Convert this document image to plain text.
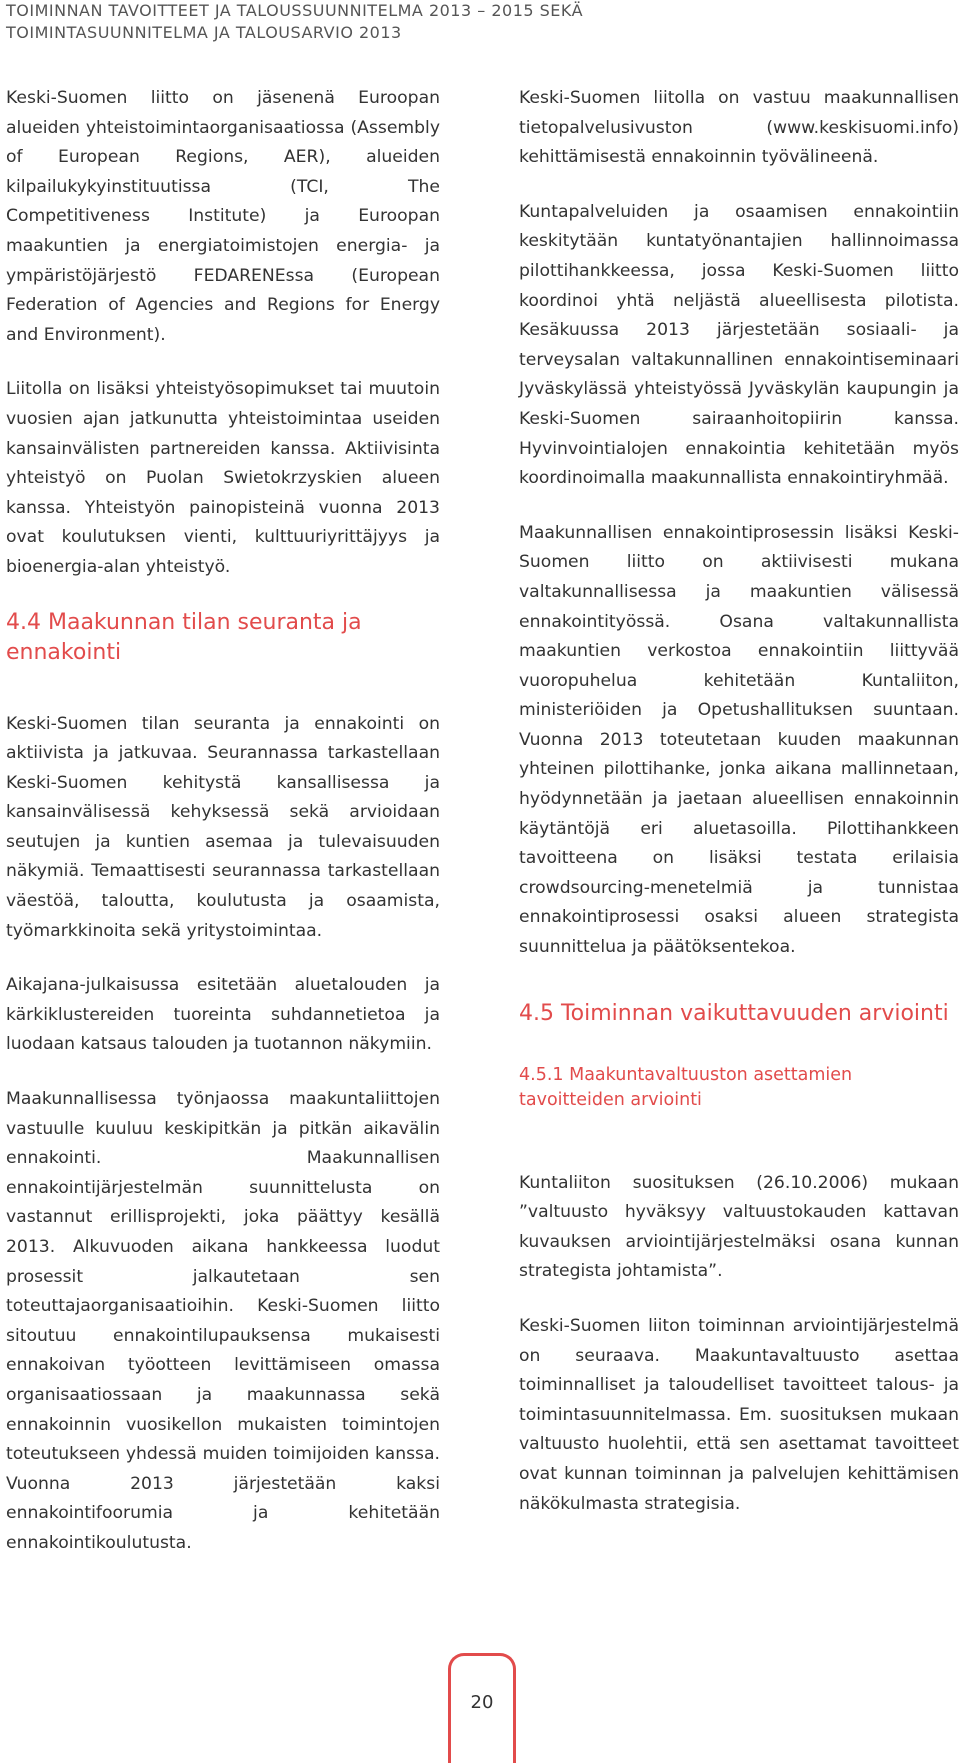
TOIMINNAN TAVOITTEET JA TALOUSSUUNNITELMA 2013 – 2015 SEKÄ
TOIMINTASUUNNITELMA JA TALOUSARVIO 2013

Keski-Suomen liitto on jäsenenä Euroopan alueiden yhteistoimintaorganisaatiossa (Assembly of European Regions, AER), alueiden kilpailukykyinstituutissa (TCI, The Competitiveness Institute) ja Euroopan maakuntien ja energiatoimistojen energia- ja ympäristöjärjestö FEDARENEssa (European Federation of Agencies and Regions for Energy and Environment).

Liitolla on lisäksi yhteistyösopimukset tai muutoin vuosien ajan jatkunutta yhteistoimintaa useiden kansainvälisten partnereiden kanssa. Aktiivisinta yhteistyö on Puolan Swietokrzyskien alueen kanssa. Yhteistyön painopisteinä vuonna 2013 ovat koulutuksen vienti, kulttuuriyrittäjyys ja bioenergia-alan yhteistyö.

4.4 Maakunnan tilan seuranta ja ennakointi

Keski-Suomen tilan seuranta ja ennakointi on aktiivista ja jatkuvaa. Seurannassa tarkastellaan Keski-Suomen kehitystä kansallisessa ja kansainvälisessä kehyksessä sekä arvioidaan seutujen ja kuntien asemaa ja tulevaisuuden näkymiä. Temaattisesti seurannassa tarkastellaan väestöä, taloutta, koulutusta ja osaamista, työmarkkinoita sekä yritystoimintaa.

Aikajana-julkaisussa esitetään aluetalouden ja kärkiklustereiden tuoreinta suhdannetietoa ja luodaan katsaus talouden ja tuotannon näkymiin.

Maakunnallisessa työnjaossa maakuntaliittojen vastuulle kuuluu keskipitkän ja pitkän aikavälin ennakointi. Maakunnallisen ennakointijärjestelmän suunnittelusta on vastannut erillisprojekti, joka päättyy kesällä 2013. Alkuvuoden aikana hankkeessa luodut prosessit jalkautetaan sen toteuttajaorganisaatioihin. Keski-Suomen liitto sitoutuu ennakointilupauksensa mukaisesti ennakoivan työotteen levittämiseen omassa organisaatiossaan ja maakunnassa sekä ennakoinnin vuosikellon mukaisten toimintojen toteutukseen yhdessä muiden toimijoiden kanssa. Vuonna 2013 järjestetään kaksi ennakointifoorumia ja kehitetään ennakointikoulutusta.

Keski-Suomen liitolla on vastuu maakunnallisen tietopalvelusivuston (www.keskisuomi.info) kehittämisestä ennakoinnin työvälineenä.

Kuntapalveluiden ja osaamisen ennakointiin keskitytään kuntatyönantajien hallinnoimassa pilottihankkeessa, jossa Keski-Suomen liitto koordinoi yhtä neljästä alueellisesta pilotista. Kesäkuussa 2013 järjestetään sosiaali- ja terveysalan valtakunnallinen ennakointiseminaari Jyväskylässä yhteistyössä Jyväskylän kaupungin ja Keski-Suomen sairaanhoitopiirin kanssa. Hyvinvointialojen ennakointia kehitetään myös koordinoimalla maakunnallista ennakointiryhmää.

Maakunnallisen ennakointiprosessin lisäksi Keski-Suomen liitto on aktiivisesti mukana valtakunnallisessa ja maakuntien välisessä ennakointityössä. Osana valtakunnallista maakuntien verkostoa ennakointiin liittyvää vuoropuhelua kehitetään Kuntaliiton, ministeriöiden ja Opetushallituksen suuntaan. Vuonna 2013 toteutetaan kuuden maakunnan yhteinen pilottihanke, jonka aikana mallinnetaan, hyödynnetään ja jaetaan alueellisen ennakoinnin käytäntöjä eri aluetasoilla. Pilottihankkeen tavoitteena on lisäksi testata erilaisia crowdsourcing-menetelmiä ja tunnistaa ennakointiprosessi osaksi alueen strategista suunnittelua ja päätöksentekoa.

4.5 Toiminnan vaikuttavuuden arviointi
4.5.1 Maakuntavaltuuston asettamien tavoitteiden arviointi

Kuntaliiton suosituksen (26.10.2006) mukaan ”valtuusto hyväksyy valtuustokauden kattavan kuvauksen arviointijärjestelmäksi osana kunnan strategista johtamista”.

Keski-Suomen liiton toiminnan arviointijärjestelmä on seuraava. Maakuntavaltuusto asettaa toiminnalliset ja taloudelliset tavoitteet talous- ja toimintasuunnitelmassa. Em. suosituksen mukaan valtuusto huolehtii, että sen asettamat tavoitteet ovat kunnan toiminnan ja palvelujen kehittämisen näkökulmasta strategisia.

20
